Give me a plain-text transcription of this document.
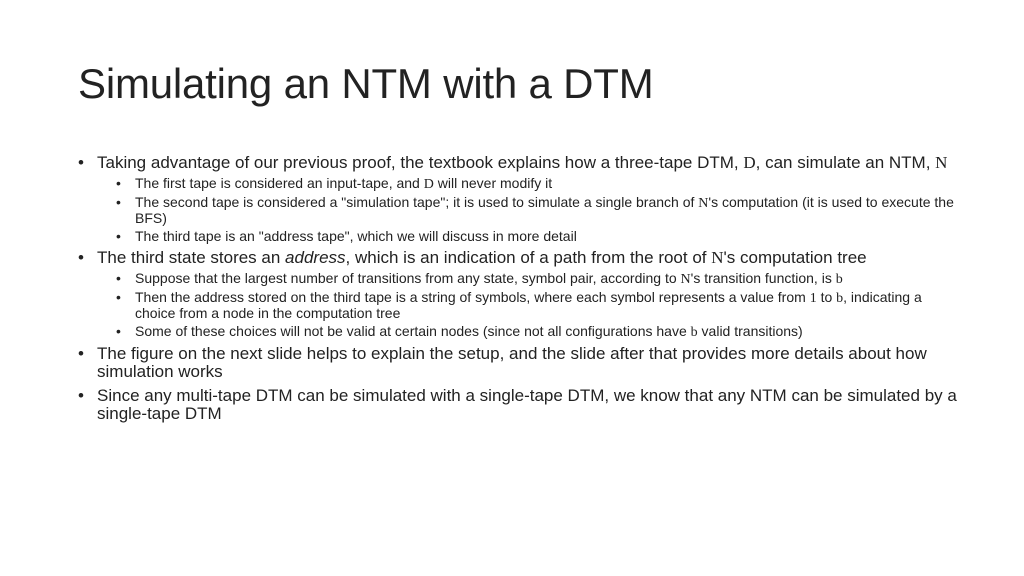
Simulating an NTM with a DTM
• Taking advantage of our previous proof, the textbook explains how a three-tape DTM, D, can simulate an NTM, N
• The first tape is considered an input-tape, and D will never modify it
• The second tape is considered a "simulation tape"; it is used to simulate a single branch of N's computation (it is used to execute the BFS)
• The third tape is an "address tape", which we will discuss in more detail
• The third state stores an address, which is an indication of a path from the root of N's computation tree
• Suppose that the largest number of transitions from any state, symbol pair, according to N's transition function, is b
• Then the address stored on the third tape is a string of symbols, where each symbol represents a value from 1 to b, indicating a choice from a node in the computation tree
• Some of these choices will not be valid at certain nodes (since not all configurations have b valid transitions)
• The figure on the next slide helps to explain the setup, and the slide after that provides more details about how simulation works
• Since any multi-tape DTM can be simulated with a single-tape DTM, we know that any NTM can be simulated by a single-tape DTM
